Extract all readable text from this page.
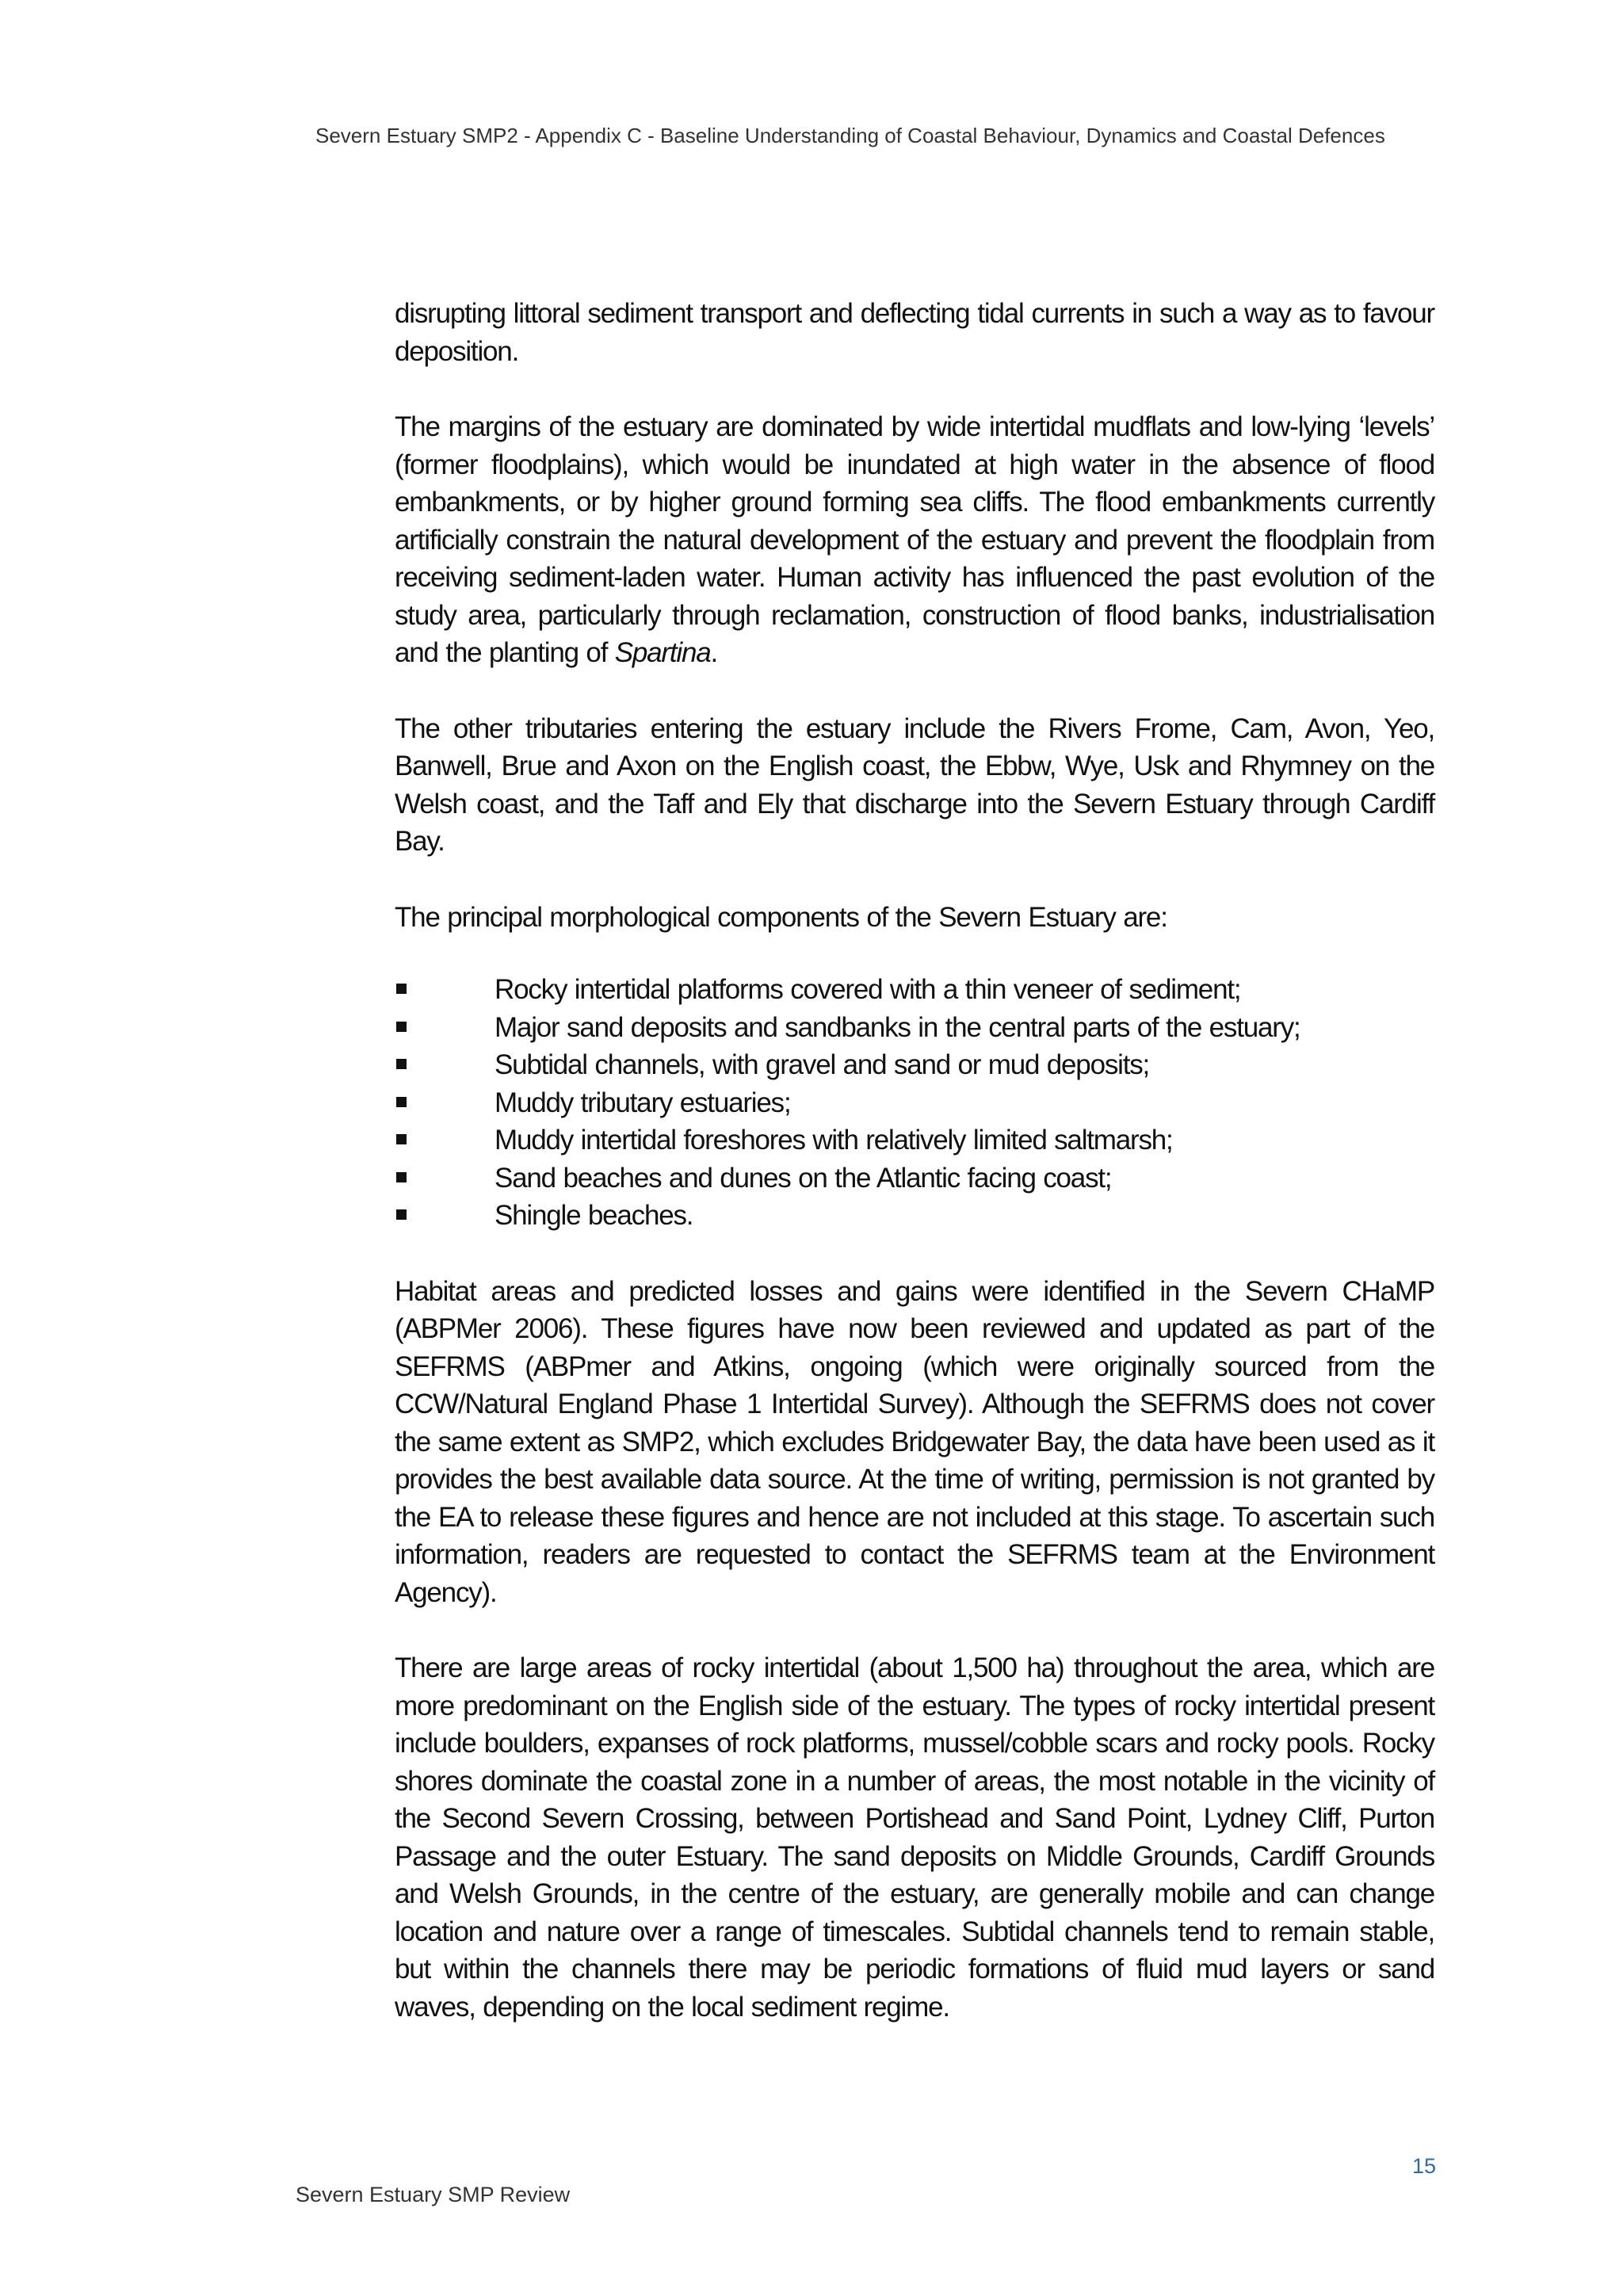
Severn Estuary SMP2 - Appendix C - Baseline Understanding of Coastal Behaviour, Dynamics and Coastal Defences

disrupting littoral sediment transport and deflecting tidal currents in such a way as to favour deposition.

The margins of the estuary are dominated by wide intertidal mudflats and low-lying ‘levels’ (former floodplains), which would be inundated at high water in the absence of flood embankments, or by higher ground forming sea cliffs. The flood embankments currently artificially constrain the natural development of the estuary and prevent the floodplain from receiving sediment-laden water. Human activity has influenced the past evolution of the study area, particularly through reclamation, construction of flood banks, industrialisation and the planting of Spartina.

The other tributaries entering the estuary include the Rivers Frome, Cam, Avon, Yeo, Banwell, Brue and Axon on the English coast, the Ebbw, Wye, Usk and Rhymney on the Welsh coast, and the Taff and Ely that discharge into the Severn Estuary through Cardiff Bay.

The principal morphological components of the Severn Estuary are:

Rocky intertidal platforms covered with a thin veneer of sediment;
Major sand deposits and sandbanks in the central parts of the estuary;
Subtidal channels, with gravel and sand or mud deposits;
Muddy tributary estuaries;
Muddy intertidal foreshores with relatively limited saltmarsh;
Sand beaches and dunes on the Atlantic facing coast;
Shingle beaches.

Habitat areas and predicted losses and gains were identified in the Severn CHaMP (ABPMer 2006). These figures have now been reviewed and updated as part of the SEFRMS (ABPmer and Atkins, ongoing (which were originally sourced from the CCW/Natural England Phase 1 Intertidal Survey). Although the SEFRMS does not cover the same extent as SMP2, which excludes Bridgewater Bay, the data have been used as it provides the best available data source. At the time of writing, permission is not granted by the EA to release these figures and hence are not included at this stage. To ascertain such information, readers are requested to contact the SEFRMS team at the Environment Agency).

There are large areas of rocky intertidal (about 1,500 ha) throughout the area, which are more predominant on the English side of the estuary. The types of rocky intertidal present include boulders, expanses of rock platforms, mussel/cobble scars and rocky pools. Rocky shores dominate the coastal zone in a number of areas, the most notable in the vicinity of the Second Severn Crossing, between Portishead and Sand Point, Lydney Cliff, Purton Passage and the outer Estuary. The sand deposits on Middle Grounds, Cardiff Grounds and Welsh Grounds, in the centre of the estuary, are generally mobile and can change location and nature over a range of timescales. Subtidal channels tend to remain stable, but within the channels there may be periodic formations of fluid mud layers or sand waves, depending on the local sediment regime.

15
Severn Estuary SMP Review
